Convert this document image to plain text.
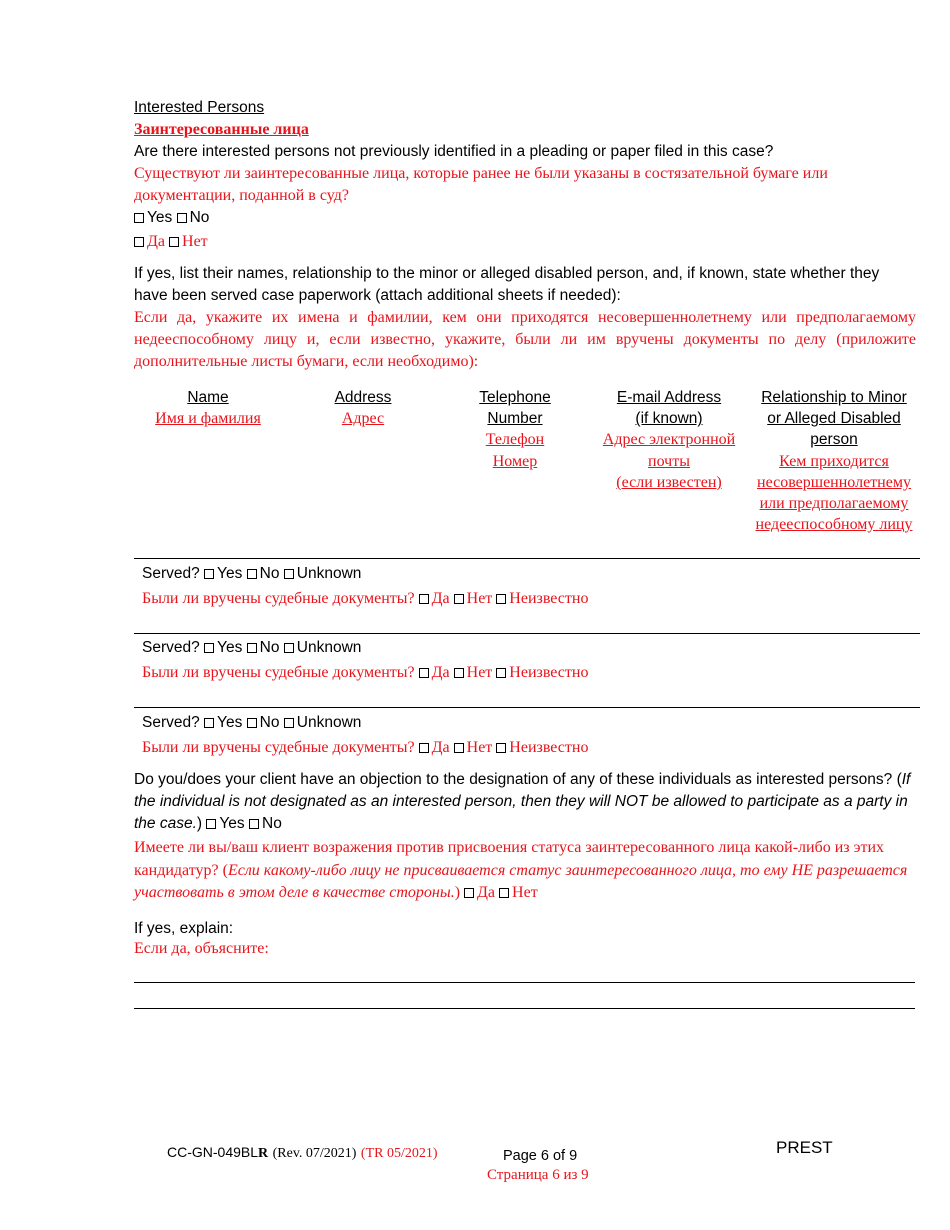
Interested Persons
Заинтересованные лица
Are there interested persons not previously identified in a pleading or paper filed in this case?
Существуют ли заинтересованные лица, которые ранее не были указаны в состязательной бумаге или документации, поданной в суд?
Yes No
Да Нет
If yes, list their names, relationship to the minor or alleged disabled person, and, if known, state whether they have been served case paperwork (attach additional sheets if needed):
Если да, укажите их имена и фамилии, кем они приходятся несовершеннолетнему или предполагаемому недееспособному лицу и, если известно, укажите, были ли им вручены документы по делу (приложите дополнительные листы бумаги, если необходимо):
Name
Имя и фамилия
Address
Адрес
Telephone
Number
Телефон
Номер
E-mail Address
(if known)
Адрес электронной
почты
(если известен)
Relationship to Minor
or Alleged Disabled
person
Кем приходится
несовершеннолетнему
или предполагаемому
недееспособному лицу
Served? Yes No Unknown
Были ли вручены судебные документы? Да Нет Неизвестно
Served? Yes No Unknown
Были ли вручены судебные документы? Да Нет Неизвестно
Served? Yes No Unknown
Были ли вручены судебные документы? Да Нет Неизвестно
Do you/does your client have an objection to the designation of any of these individuals as interested persons? (If the individual is not designated as an interested person, then they will NOT be allowed to participate as a party in the case.) Yes No
Имеете ли вы/ваш клиент возражения против присвоения статуса заинтересованного лица какой-либо из этих кандидатур? (Если какому-либо лицу не присваивается статус заинтересованного лица, то ему НЕ разрешается участвовать в этом деле в качестве стороны.) Да Нет
If yes, explain:
Если да, объясните:
CC-GN-049BLR (Rev. 07/2021) (TR 05/2021)	Page 6 of 9
Страница 6 из 9
PREST
